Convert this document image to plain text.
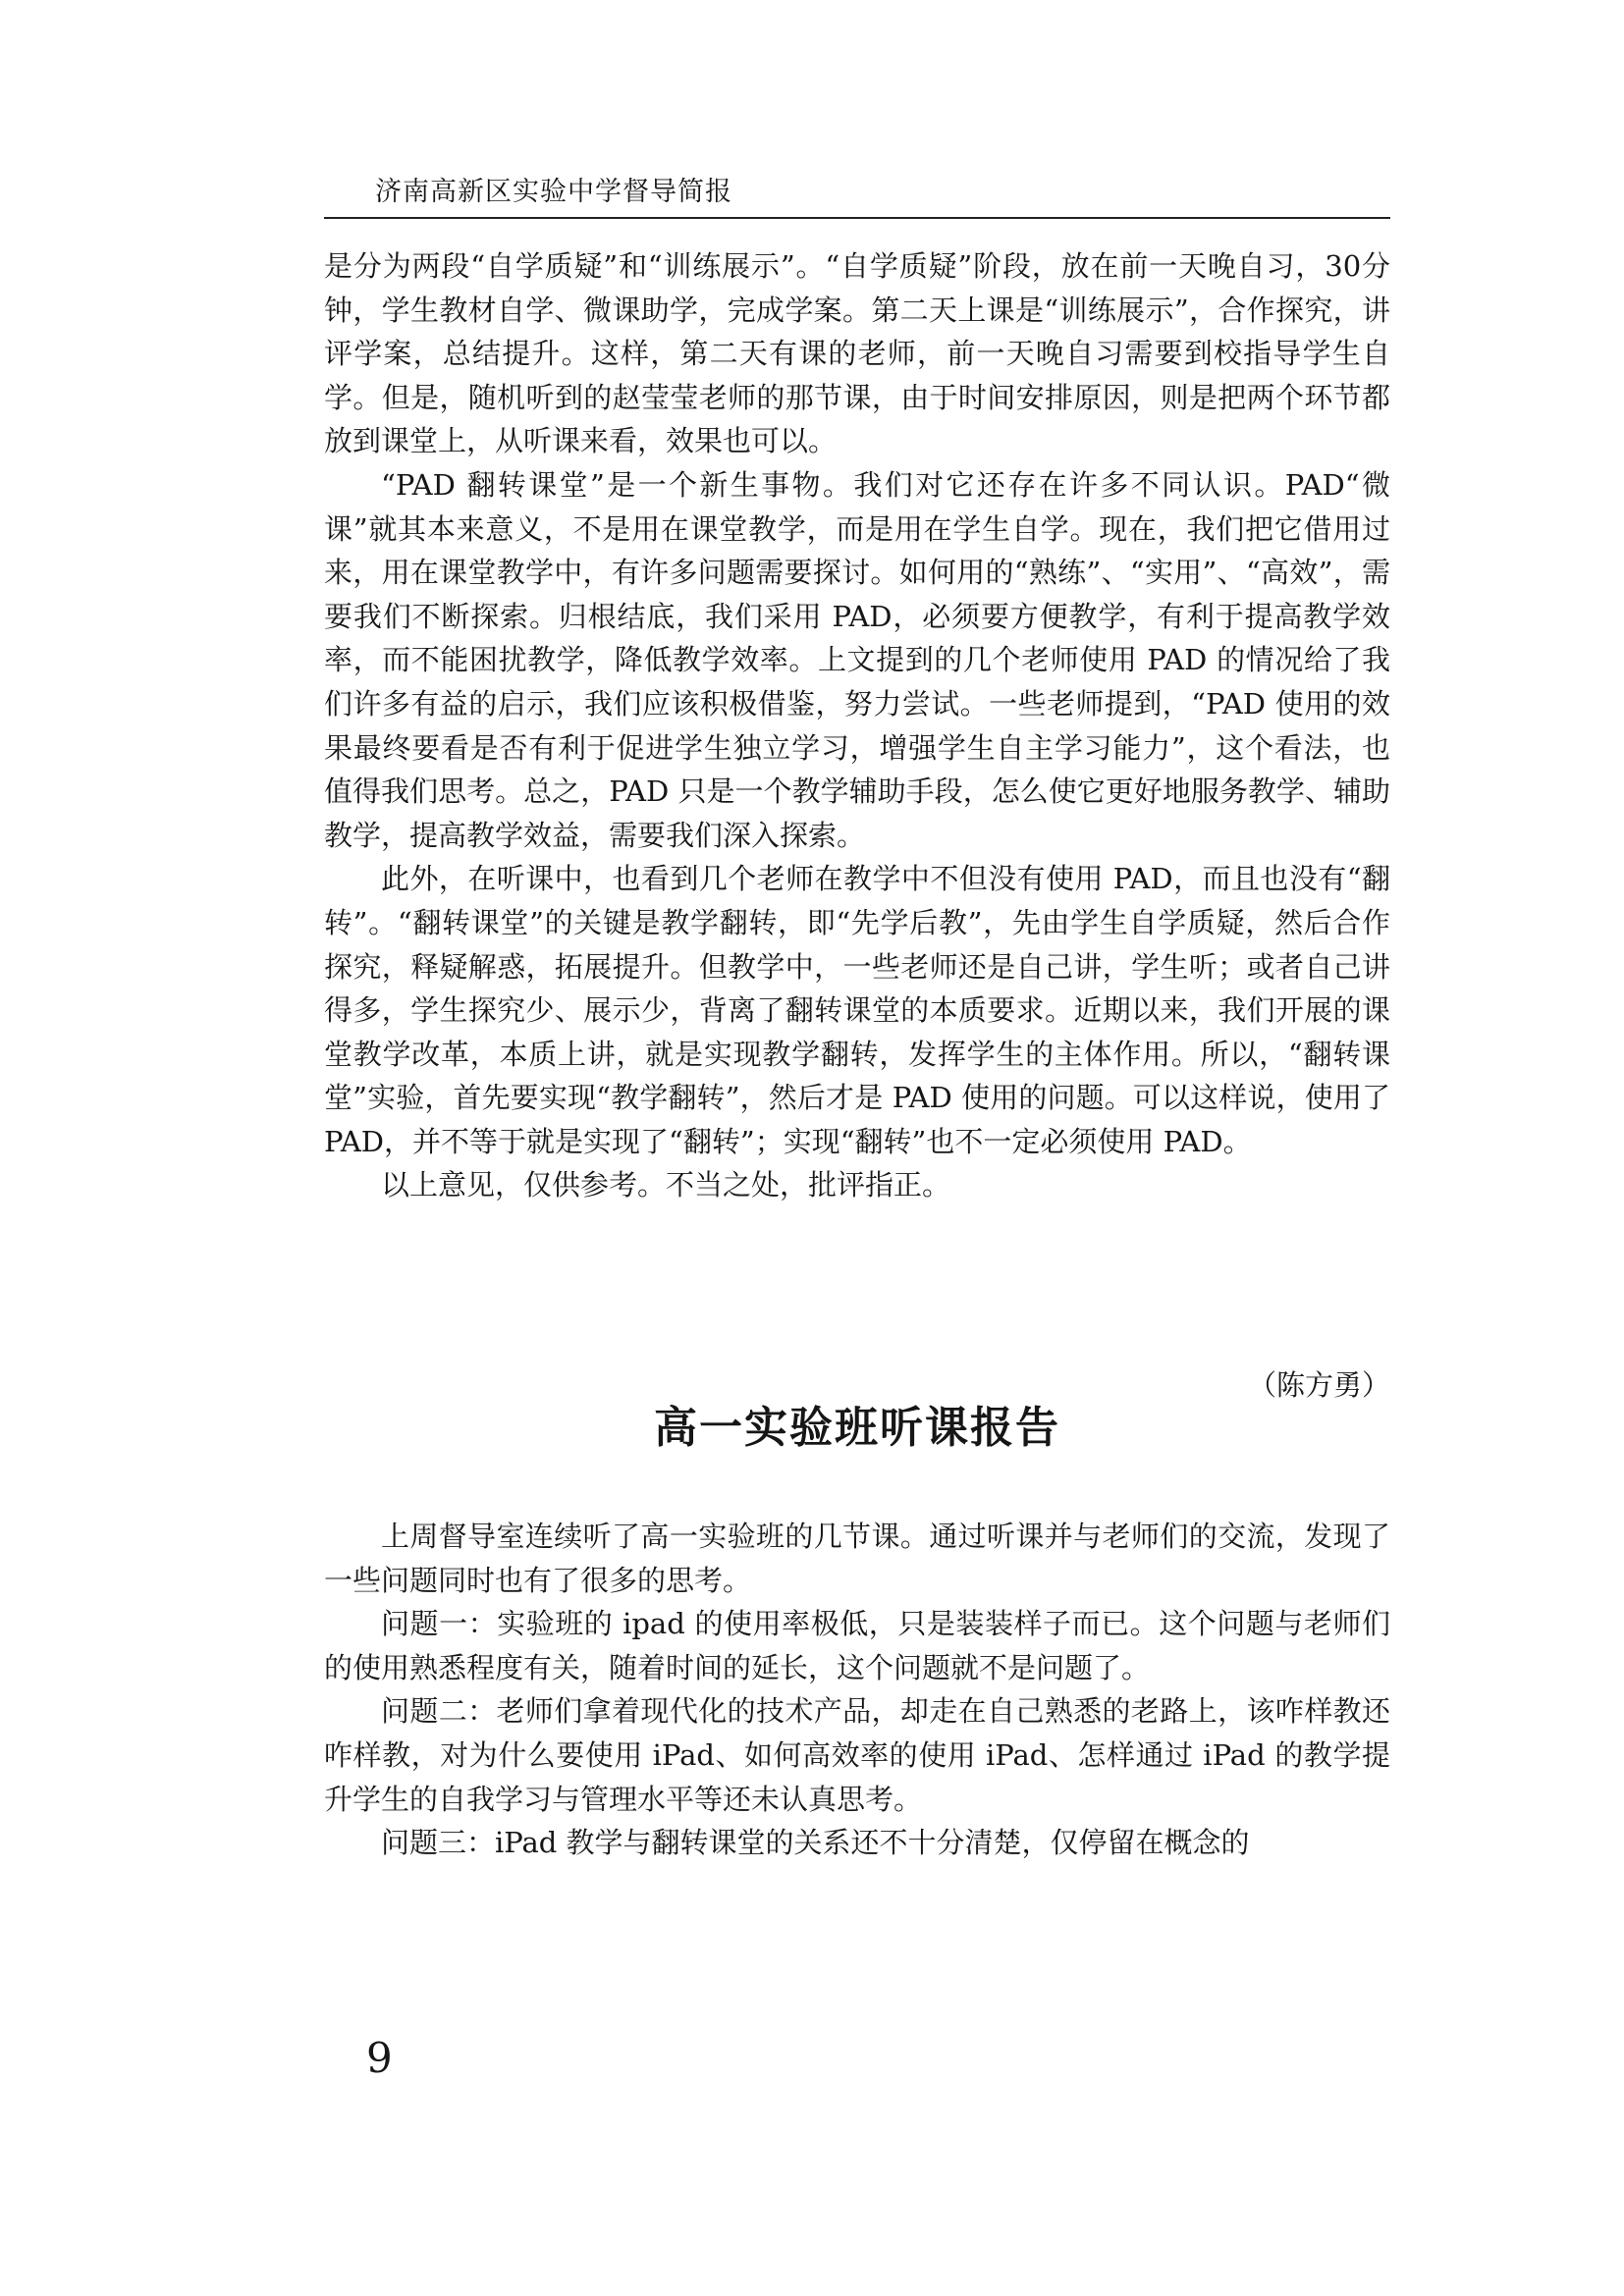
济南高新区实验中学督导简报

是分为两段“自学质疑”和“训练展示”。“自学质疑”阶段，放在前一天晚自习，30分钟，学生教材自学、微课助学，完成学案。第二天上课是“训练展示”，合作探究，讲评学案，总结提升。这样，第二天有课的老师，前一天晚自习需要到校指导学生自学。但是，随机听到的赵莹莹老师的那节课，由于时间安排原因，则是把两个环节都放到课堂上，从听课来看，效果也可以。

“PAD 翻转课堂”是一个新生事物。我们对它还存在许多不同认识。PAD“微课”就其本来意义，不是用在课堂教学，而是用在学生自学。现在，我们把它借用过来，用在课堂教学中，有许多问题需要探讨。如何用的“熟练”、“实用”、“高效”，需要我们不断探索。归根结底，我们采用 PAD，必须要方便教学，有利于提高教学效率，而不能困扰教学，降低教学效率。上文提到的几个老师使用 PAD 的情况给了我们许多有益的启示，我们应该积极借鉴，努力尝试。一些老师提到，“PAD 使用的效果最终要看是否有利于促进学生独立学习，增强学生自主学习能力”，这个看法，也值得我们思考。总之，PAD 只是一个教学辅助手段，怎么使它更好地服务教学、辅助教学，提高教学效益，需要我们深入探索。

此外，在听课中，也看到几个老师在教学中不但没有使用 PAD，而且也没有“翻转”。“翻转课堂”的关键是教学翻转，即“先学后教”，先由学生自学质疑，然后合作探究，释疑解惑，拓展提升。但教学中，一些老师还是自己讲，学生听；或者自己讲得多，学生探究少、展示少，背离了翻转课堂的本质要求。近期以来，我们开展的课堂教学改革，本质上讲，就是实现教学翻转，发挥学生的主体作用。所以，“翻转课堂”实验，首先要实现“教学翻转”，然后才是 PAD 使用的问题。可以这样说，使用了 PAD，并不等于就是实现了“翻转”；实现“翻转”也不一定必须使用 PAD。

以上意见，仅供参考。不当之处，批评指正。

（陈方勇）
高一实验班听课报告

上周督导室连续听了高一实验班的几节课。通过听课并与老师们的交流，发现了一些问题同时也有了很多的思考。

问题一：实验班的 ipad 的使用率极低，只是装装样子而已。这个问题与老师们的使用熟悉程度有关，随着时间的延长，这个问题就不是问题了。

问题二：老师们拿着现代化的技术产品，却走在自己熟悉的老路上，该咋样教还咋样教，对为什么要使用 iPad、如何高效率的使用 iPad、怎样通过 iPad 的教学提升学生的自我学习与管理水平等还未认真思考。

问题三：iPad 教学与翻转课堂的关系还不十分清楚，仅停留在概念的

9
